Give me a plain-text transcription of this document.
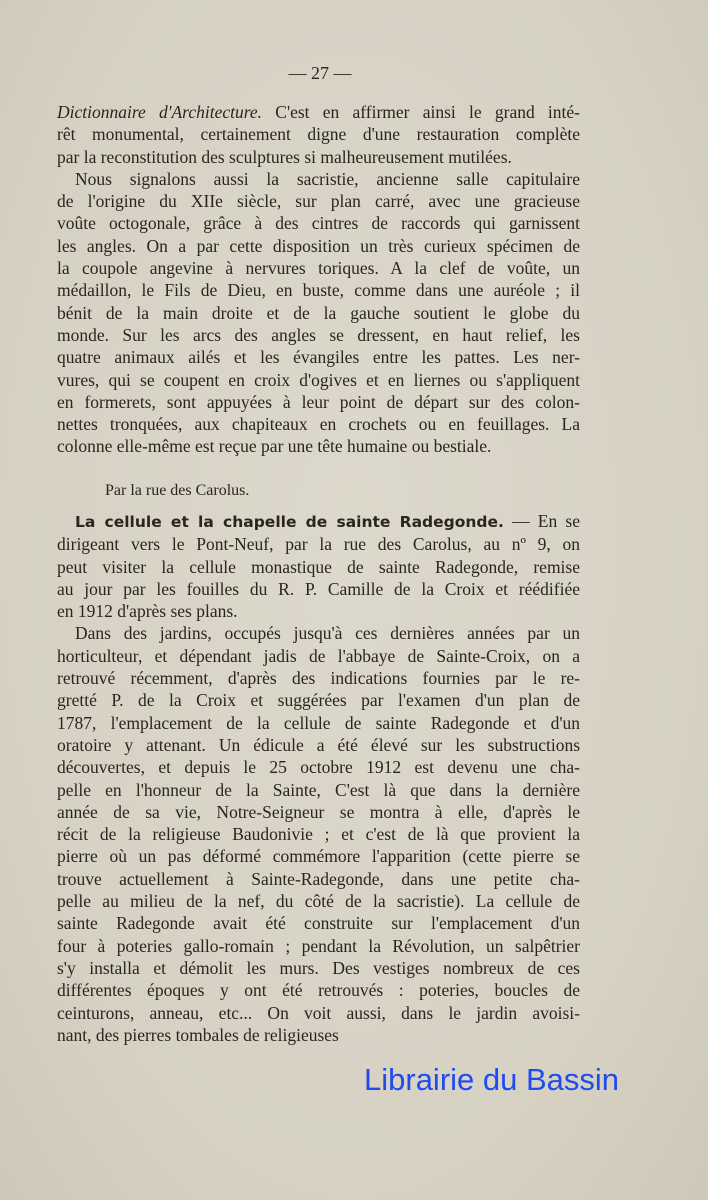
— 27 —
Dictionnaire d'Architecture. C'est en affirmer ainsi le grand inté-
rêt monumental, certainement digne d'une restauration complète
par la reconstitution des sculptures si malheureusement mutilées.
Nous signalons aussi la sacristie, ancienne salle capitulaire
de l'origine du XIIe siècle, sur plan carré, avec une gracieuse
voûte octogonale, grâce à des cintres de raccords qui garnissent
les angles. On a par cette disposition un très curieux spécimen de
la coupole angevine à nervures toriques. A la clef de voûte, un
médaillon, le Fils de Dieu, en buste, comme dans une auréole ; il
bénit de la main droite et de la gauche soutient le globe du
monde. Sur les arcs des angles se dressent, en haut relief, les
quatre animaux ailés et les évangiles entre les pattes. Les ner-
vures, qui se coupent en croix d'ogives et en liernes ou s'appliquent
en formerets, sont appuyées à leur point de départ sur des colon-
nettes tronquées, aux chapiteaux en crochets ou en feuillages. La
colonne elle-même est reçue par une tête humaine ou bestiale.
Par la rue des Carolus.
La cellule et la chapelle de sainte Radegonde. — En se
dirigeant vers le Pont-Neuf, par la rue des Carolus, au nº 9, on
peut visiter la cellule monastique de sainte Radegonde, remise
au jour par les fouilles du R. P. Camille de la Croix et réédifiée
en 1912 d'après ses plans.
Dans des jardins, occupés jusqu'à ces dernières années par un
horticulteur, et dépendant jadis de l'abbaye de Sainte-Croix, on a
retrouvé récemment, d'après des indications fournies par le re-
gretté P. de la Croix et suggérées par l'examen d'un plan de
1787, l'emplacement de la cellule de sainte Radegonde et d'un
oratoire y attenant. Un édicule a été élevé sur les substructions
découvertes, et depuis le 25 octobre 1912 est devenu une cha-
pelle en l'honneur de la Sainte, C'est là que dans la dernière
année de sa vie, Notre-Seigneur se montra à elle, d'après le
récit de la religieuse Baudonivie ; et c'est de là que provient la
pierre où un pas déformé commémore l'apparition (cette pierre se
trouve actuellement à Sainte-Radegonde, dans une petite cha-
pelle au milieu de la nef, du côté de la sacristie). La cellule de
sainte Radegonde avait été construite sur l'emplacement d'un
four à poteries gallo-romain ; pendant la Révolution, un salpêtrier
s'y installa et démolit les murs. Des vestiges nombreux de ces
différentes époques y ont été retrouvés : poteries, boucles de
ceinturons, anneau, etc... On voit aussi, dans le jardin avoisi-
nant, des pierres tombales de religieuses
Librairie du Bassin
